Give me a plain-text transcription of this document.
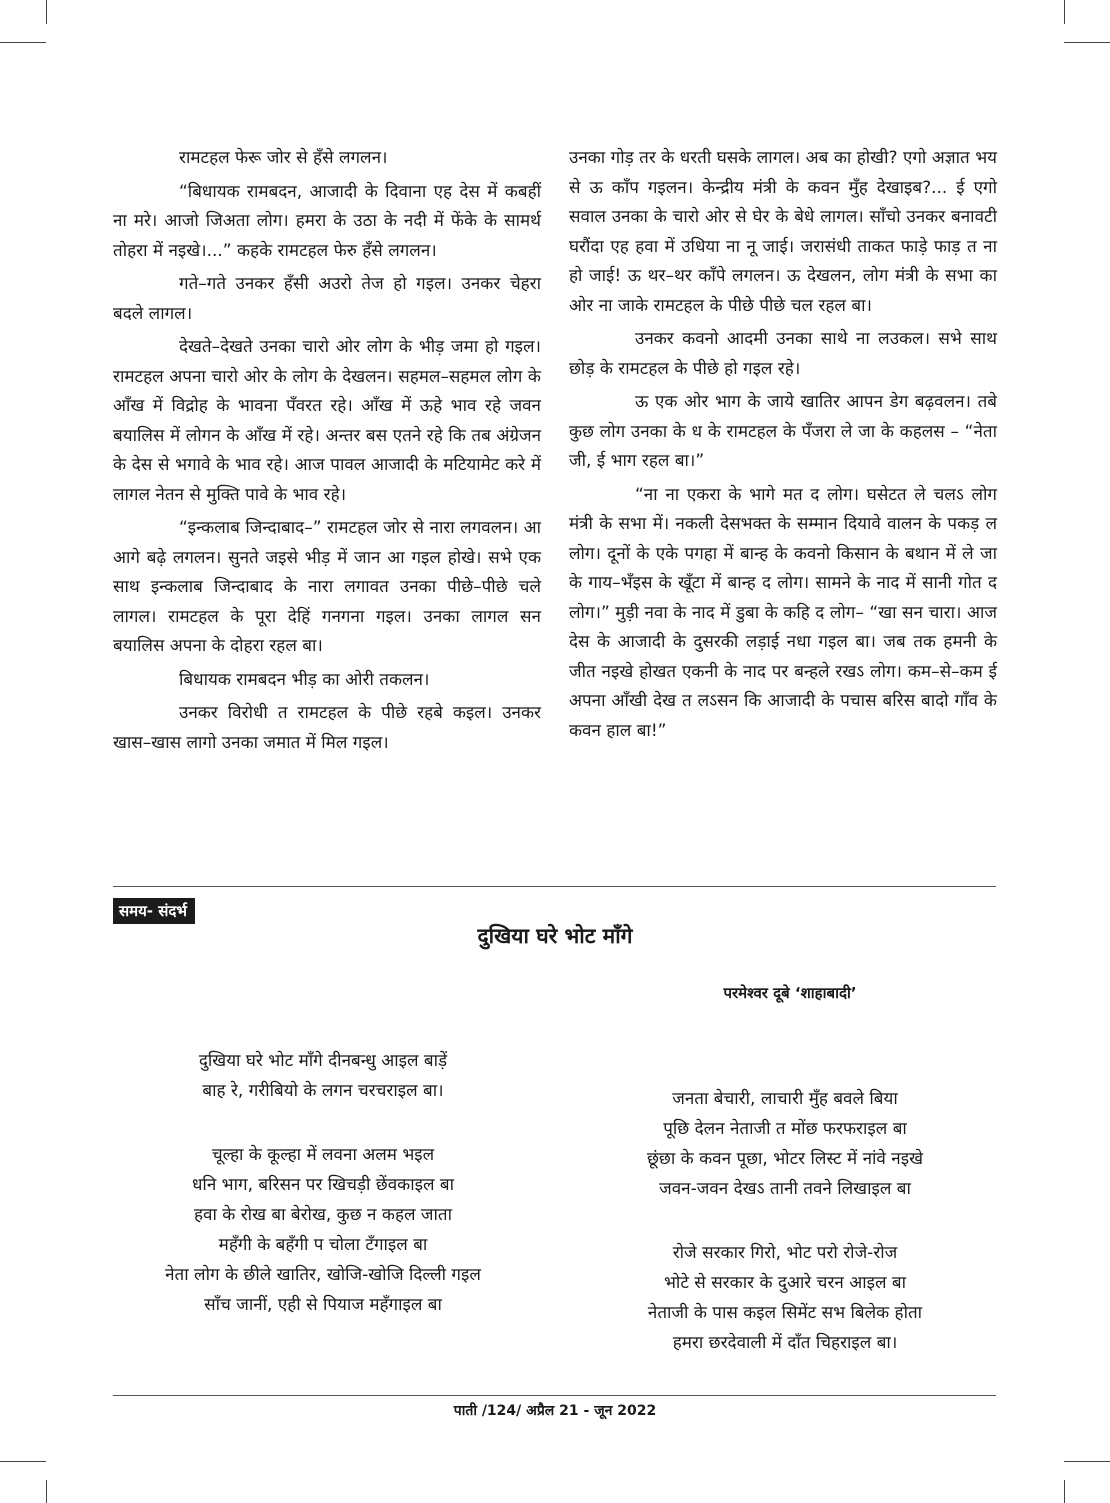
रामटहल फेरू जोर से हँसे लगलन।

“बिधायक रामबदन, आजादी के दिवाना एह देस में कबहीं ना मरे। आजो जिअता लोग। हमरा के उठा के नदी में फेंके के सामर्थ तोहरा में नइखे।...” कहके रामटहल फेरु हँसे लगलन।

गते–गते उनकर हँसी अउरो तेज हो गइल। उनकर चेहरा बदले लागल।

देखते–देखते उनका चारो ओर लोग के भीड़ जमा हो गइल। रामटहल अपना चारो ओर के लोग के देखलन। सहमल–सहमल लोग के आँख में विद्रोह के भावना पँवरत रहे। आँख में ऊहे भाव रहे जवन बयालिस में लोगन के आँख में रहे। अन्तर बस एतने रहे कि तब अंग्रेजन के देस से भगावे के भाव रहे। आज पावल आजादी के मटियामेट करे में लागल नेतन से मुक्ति पावे के भाव रहे।

“इन्कलाब जिन्दाबाद–” रामटहल जोर से नारा लगवलन। आ आगे बढ़े लगलन। सुनते जइसे भीड़ में जान आ गइल होखे। सभे एक साथ इन्कलाब जिन्दाबाद के नारा लगावत उनका पीछे–पीछे चले लागल। रामटहल के पूरा देहिं गनगना गइल। उनका लागल सन बयालिस अपना के दोहरा रहल बा।

बिधायक रामबदन भीड़ का ओरी तकलन।

उनकर विरोधी त रामटहल के पीछे रहबे कइल। उनकर खास–खास लागो उनका जमात में मिल गइल।

उनका गोड़ तर के धरती घसके लागल। अब का होखी? एगो अज्ञात भय से ऊ काँप गइलन। केन्द्रीय मंत्री के कवन मुँह देखाइब?... ई एगो सवाल उनका के चारो ओर से घेर के बेधे लागल। साँचो उनकर बनावटी घरौंदा एह हवा में उधिया ना नू जाई। जरासंधी ताकत फाड़े फाड़ त ना हो जाई! ऊ थर–थर काँपे लगलन। ऊ देखलन, लोग मंत्री के सभा का ओर ना जाके रामटहल के पीछे पीछे चल रहल बा।

उनकर कवनो आदमी उनका साथे ना लउकल। सभे साथ छोड़ के रामटहल के पीछे हो गइल रहे।

ऊ एक ओर भाग के जाये खातिर आपन डेग बढ़वलन। तबे कुछ लोग उनका के ध के रामटहल के पँजरा ले जा के कहलस – “नेता जी, ई भाग रहल बा।”

“ना ना एकरा के भागे मत द लोग। घसेटत ले चलऽ लोग मंत्री के सभा में। नकली देसभक्त के सम्मान दियावे वालन के पकड़ ल लोग। दूनों के एके पगहा में बान्ह के कवनो किसान के बथान में ले जा के गाय–भँइस के खूँटा में बान्ह द लोग। सामने के नाद में सानी गोत द लोग।” मुड़ी नवा के नाद में डुबा के कहि द लोग– “खा सन चारा। आज देस के आजादी के दुसरकी लड़ाई नधा गइल बा। जब तक हमनी के जीत नइखे होखत एकनी के नाद पर बन्हले रखऽ लोग। कम–से–कम ई अपना आँखी देख त लऽसन कि आजादी के पचास बरिस बादो गाँव के कवन हाल बा!”

समय- संदर्भ
दुखिया घरे भोट माँगे
परमेश्वर दूबे ‘शाहाबादी’
दुखिया घरे भोट माँगे दीनबन्धु आइल बाड़ें
बाह रे, गरीबियो के लगन चरचराइल बा।
चूल्हा के कूल्हा में लवना अलम भइल
धनि भाग, बरिसन पर खिचड़ी छेंवकाइल बा
हवा के रोख बा बेरोख, कुछ न कहल जाता
महँगी के बहँगी प चोला टँगाइल बा
नेता लोग के छीले खातिर, खोजि-खोजि दिल्ली गइल
साँच जानीं, एही से पियाज महँगाइल बा
जनता बेचारी, लाचारी मुँह बवले बिया
पूछि देलन नेताजी त मोंछ फरफराइल बा
छूंछा के कवन पूछा, भोटर लिस्ट में नांवे नइखे
जवन-जवन देखऽ तानी तवने लिखाइल बा
रोजे सरकार गिरो, भोट परो रोजे-रोज
भोटे से सरकार के दुआरे चरन आइल बा
नेताजी के पास कइल सिमेंट सभ बिलेक होता
हमरा छरदेवाली में दाँत चिहराइल बा।
पाती /124/ अप्रैल 21 - जून 2022
